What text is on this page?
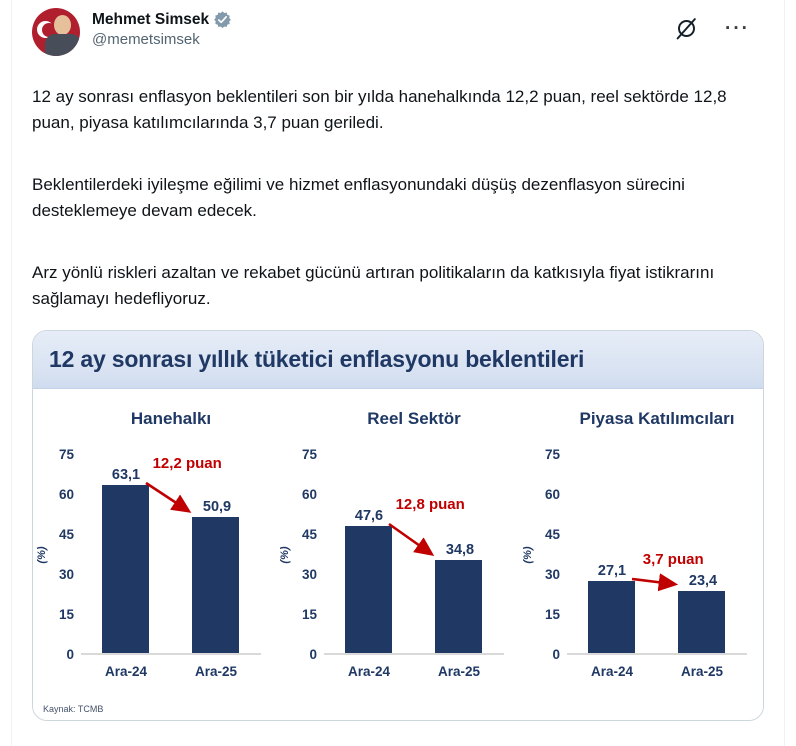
Mehmet Simsek
@memetsimsek
···

12 ay sonrası enflasyon beklentileri son bir yılda hanehalkında 12,2 puan, reel sektörde 12,8 puan, piyasa katılımcılarında 3,7 puan geriledi.

Beklentilerdeki iyileşme eğilimi ve hizmet enflasyonundaki düşüş dezenflasyon sürecini desteklemeye devam edecek.

Arz yönlü riskleri azaltan ve rekabet gücünü artıran politikaların da katkısıyla fiyat istikrarını sağlamayı hedefliyoruz.

12 ay sonrası yıllık tüketici enflasyonu beklentileri
Hanehalkı
(%)
75
60
45
30
15
0
63,1
50,9
12,2 puan
Ara-24	Ara-25
Reel Sektör
(%)
75
60
45
30
15
0
47,6
34,8
12,8 puan
Ara-24	Ara-25
Piyasa Katılımcıları
(%)
75
60
45
30
15
0
27,1
23,4
3,7 puan
Ara-24	Ara-25
Kaynak: TCMB
